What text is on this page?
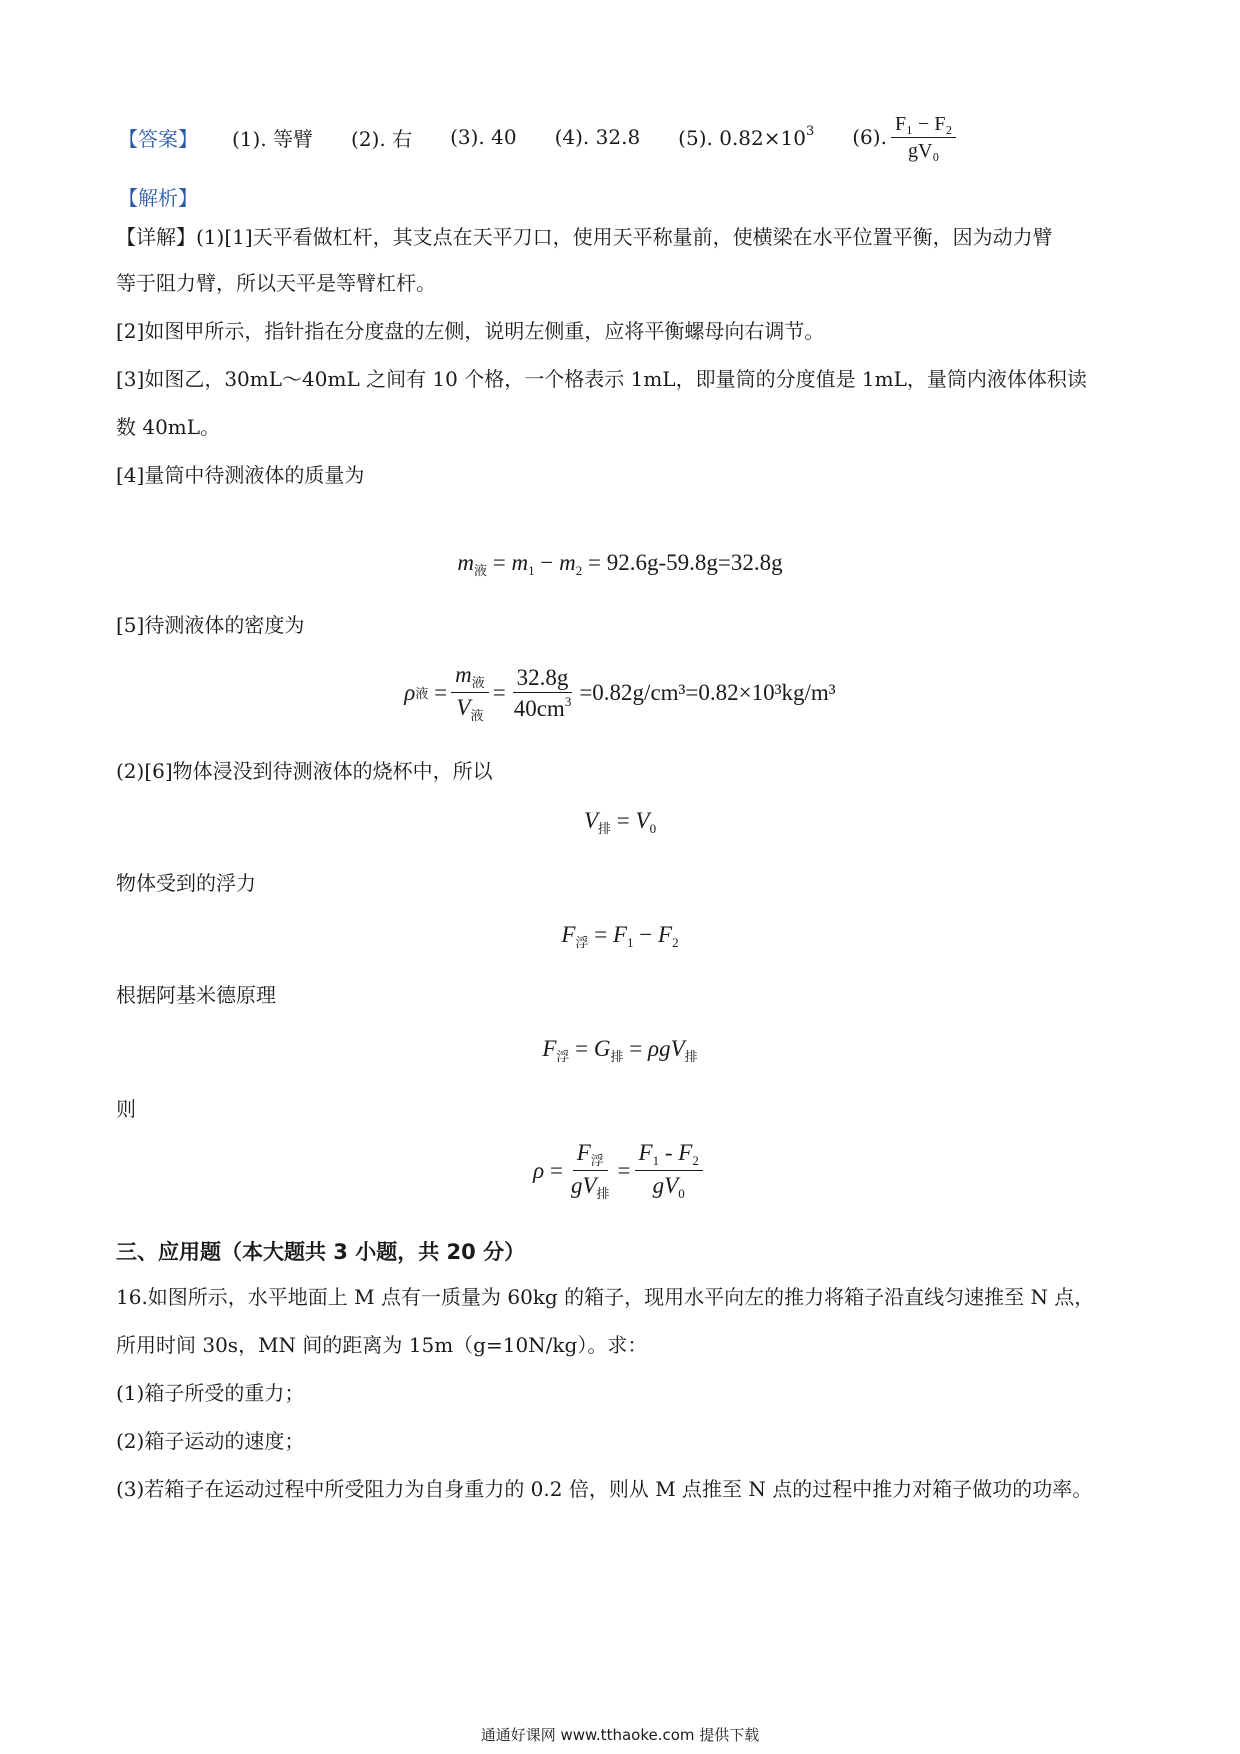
【答案】 (1). 等臂 (2). 右 (3). 40 (4). 32.8 (5). $0.82\times 10^3$ (6). $\frac{\text{F₁ − F₂}}{\text{gV₀}}$
【解析】
【详解】(1)[1]天平看做杠杆，其支点在天平刀口，使用天平称量前，使横梁在水平位置平衡，因为动力臂
等于阻力臂，所以天平是等臂杠杆。
[2]如图甲所示，指针指在分度盘的左侧，说明左侧重，应将平衡螺母向右调节。
[3]如图乙，30mL〜40mL 之间有 10 个格，一个格表示 1mL，即量筒的分度值是 1mL，量筒内液体体积读
数 40mL。
[4]量筒中待测液体的质量为
$m_液 = m_1 - m_2 = 92.6g-59.8g=32.8g$
[5]待测液体的密度为
ρ 液 = $\frac{m_液}{V_液} = \frac{32.8g}{40cm^3} =0.82g/cm^3=0.82\times 10^3kg/m^3$
(2)[6]物体浸没到待测液体的烧杯中，所以
$V_排 = V_0$
物体受到的浮力
$F_浮 = F_1 - F_2$
根据阿基米德原理
$F_浮 = G_排 = \rho gV_排$
则
$\rho = \frac{F_浮}{gV_排} = \frac{F_1 - F_2}{gV_0}$
三、应用题（本大题共 3 小题，共 20 分）
16.如图所示，水平地面上 M 点有一质量为 60kg 的箱子，现用水平向左的推力将箱子沿直线匀速推至 N 点，
所用时间 30s，MN 间的距离为 15m（g=10N/kg）。求：
(1)箱子所受的重力；
(2)箱子运动的速度；
(3)若箱子在运动过程中所受阻力为自身重力的 0.2 倍，则从 M 点推至 N 点的过程中推力对箱子做功的功率。
通通好课网 www.tthaoke.com 提供下载
